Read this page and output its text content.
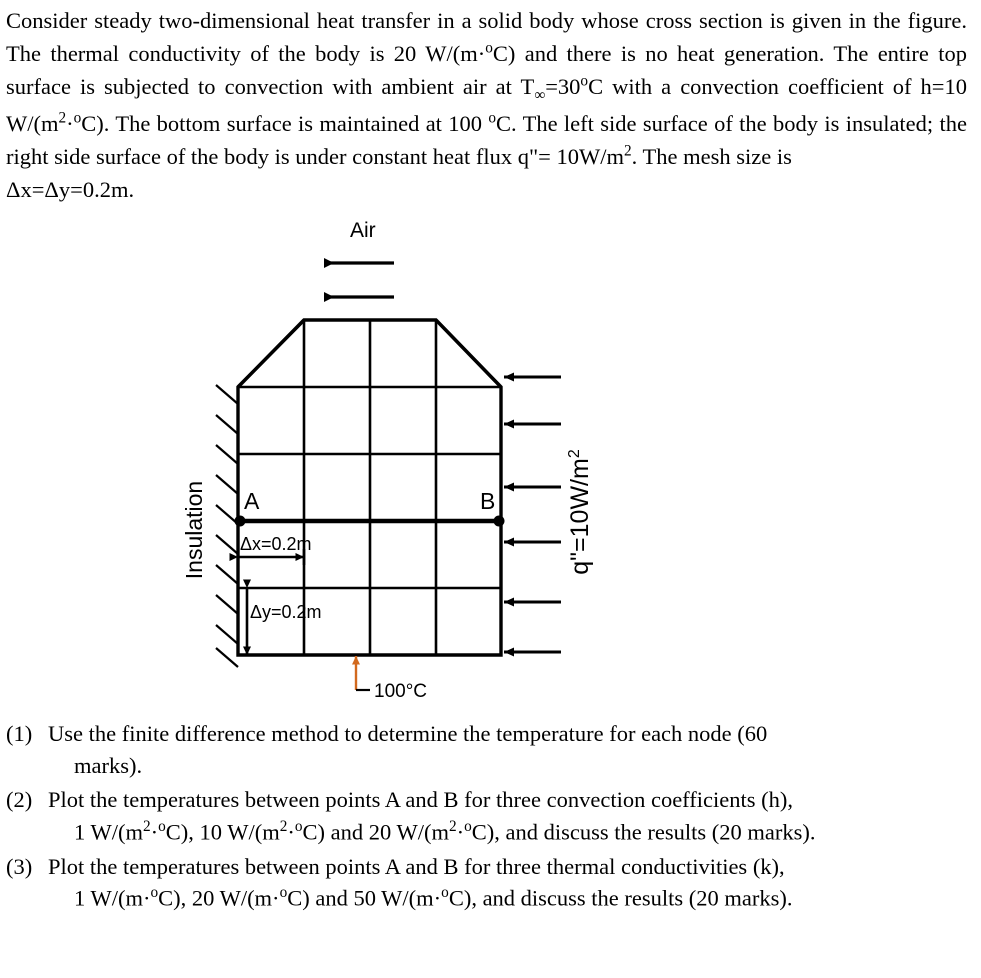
Consider steady two-dimensional heat transfer in a solid body whose cross section is given in the figure. The thermal conductivity of the body is 20 W/(m·$^o$C) and there is no heat generation. The entire top surface is subjected to convection with ambient air at $T_\infty=30^oC$ with a convection coefficient of h=10 $W/(m^2\cdot^oC)$. The bottom surface is maintained at 100 $^o$C. The left side surface of the body is insulated; the right side surface of the body is under constant heat flux q"= $10W/m^2$. The mesh size is
Δx=Δy=0.2m.

Air
Insulation	$q"=10W/m^2$
A	B
Δx=0.2m
Δy=0.2m
100°C
(1) Use the finite difference method to determine the temperature for each node (60
marks).
(2) Plot the temperatures between points A and B for three convection coefficients (h),
1 $W/(m^2\cdot^oC)$, 10 $W/(m^2\cdot^oC)$ and 20 $W/(m^2\cdot^oC)$, and discuss the results (20 marks).
(3) Plot the temperatures between points A and B for three thermal conductivities (k),
1 W/(m·$^o$C), 20 W/(m·$^o$C) and 50 W/(m·$^o$C), and discuss the results (20 marks).
